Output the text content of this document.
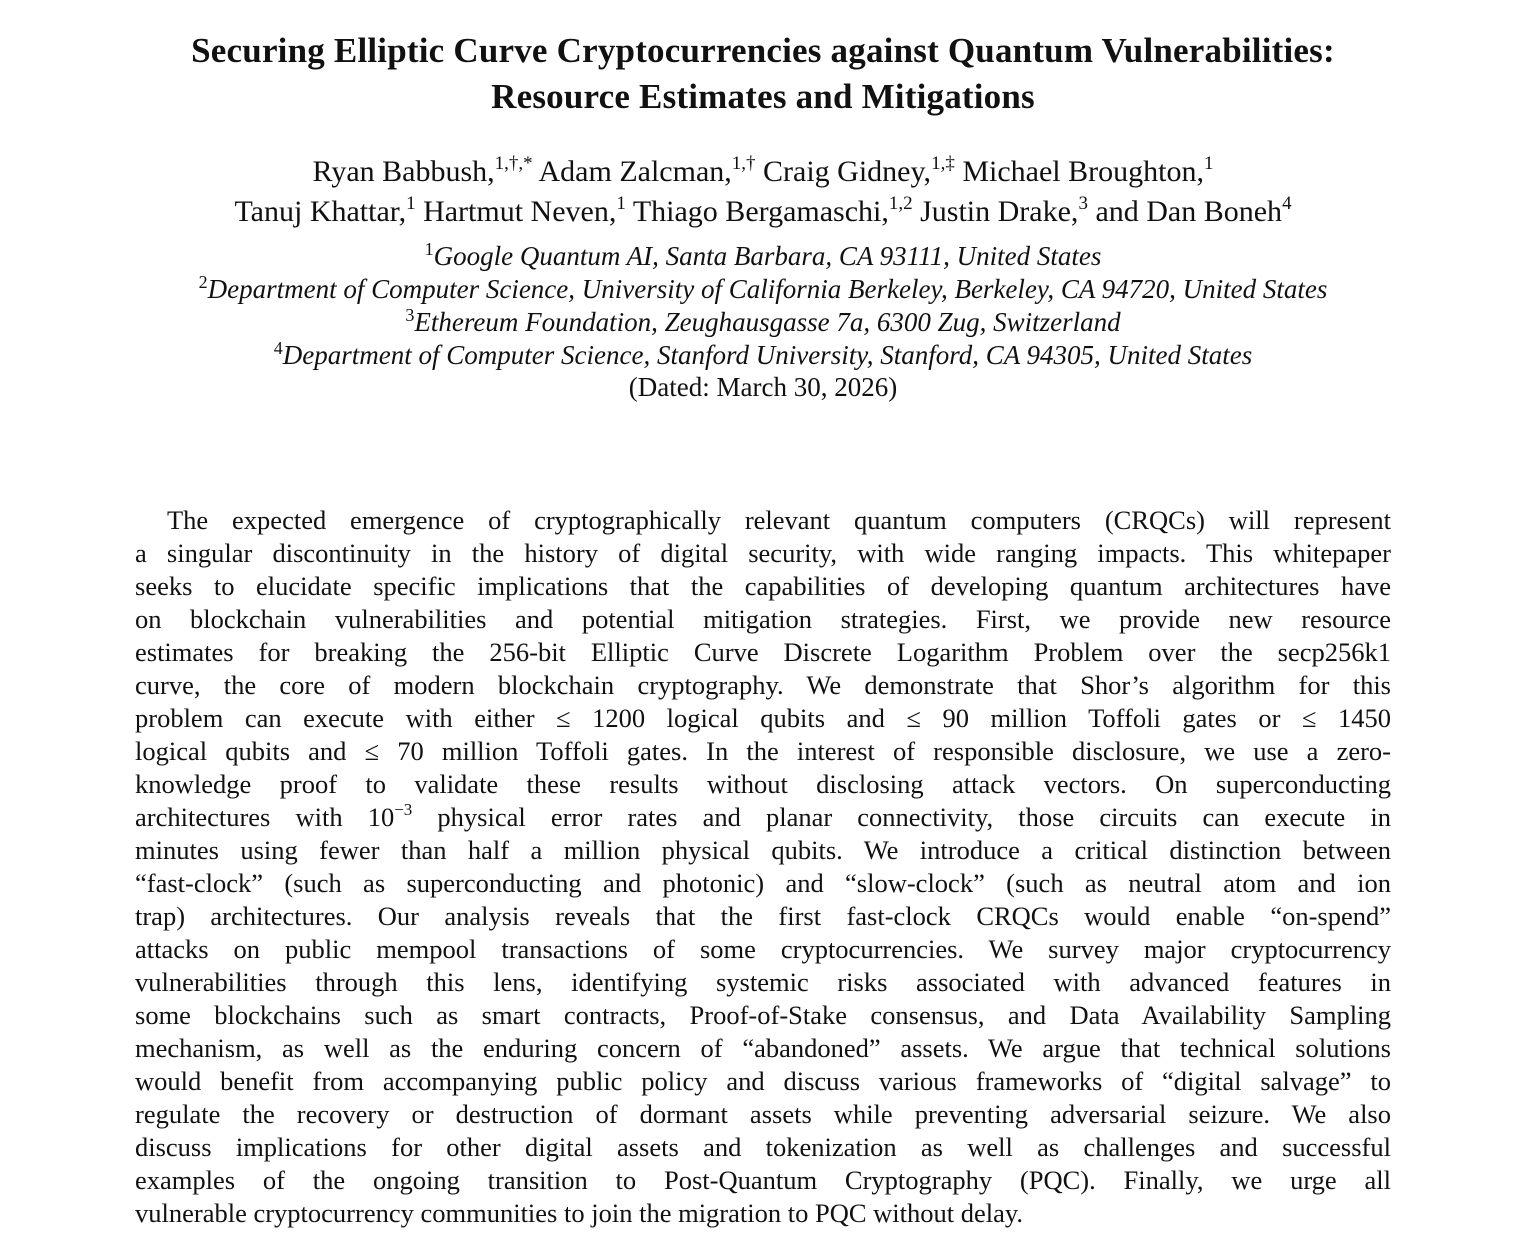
Securing Elliptic Curve Cryptocurrencies against Quantum Vulnerabilities:
Resource Estimates and Mitigations
Ryan Babbush,$^{1,\dagger,*}$ Adam Zalcman,$^{1,\dagger}$ Craig Gidney,$^{1,\ddagger}$ Michael Broughton,$^1$
Tanuj Khattar,$^1$ Hartmut Neven,$^1$ Thiago Bergamaschi,$^{1,2}$ Justin Drake,$^3$ and Dan Boneh$^4$
$^1$Google Quantum AI, Santa Barbara, CA 93111, United States
$^2$Department of Computer Science, University of California Berkeley, Berkeley, CA 94720, United States
$^3$Ethereum Foundation, Zeughausgasse 7a, 6300 Zug, Switzerland
$^4$Department of Computer Science, Stanford University, Stanford, CA 94305, United States
(Dated: March 30, 2026)
The expected emergence of cryptographically relevant quantum computers (CRQCs) will represent
a singular discontinuity in the history of digital security, with wide ranging impacts. This whitepaper
seeks to elucidate specific implications that the capabilities of developing quantum architectures have
on blockchain vulnerabilities and potential mitigation strategies. First, we provide new resource
estimates for breaking the 256-bit Elliptic Curve Discrete Logarithm Problem over the secp256k1
curve, the core of modern blockchain cryptography. We demonstrate that Shor’s algorithm for this
problem can execute with either ≤ 1200 logical qubits and ≤ 90 million Toffoli gates or ≤ 1450
logical qubits and ≤ 70 million Toffoli gates. In the interest of responsible disclosure, we use a zero-
knowledge proof to validate these results without disclosing attack vectors. On superconducting
architectures with $10^{-3}$ physical error rates and planar connectivity, those circuits can execute in
minutes using fewer than half a million physical qubits. We introduce a critical distinction between
“fast-clock” (such as superconducting and photonic) and “slow-clock” (such as neutral atom and ion
trap) architectures. Our analysis reveals that the first fast-clock CRQCs would enable “on-spend”
attacks on public mempool transactions of some cryptocurrencies. We survey major cryptocurrency
vulnerabilities through this lens, identifying systemic risks associated with advanced features in
some blockchains such as smart contracts, Proof-of-Stake consensus, and Data Availability Sampling
mechanism, as well as the enduring concern of “abandoned” assets. We argue that technical solutions
would benefit from accompanying public policy and discuss various frameworks of “digital salvage” to
regulate the recovery or destruction of dormant assets while preventing adversarial seizure. We also
discuss implications for other digital assets and tokenization as well as challenges and successful
examples of the ongoing transition to Post-Quantum Cryptography (PQC). Finally, we urge all
vulnerable cryptocurrency communities to join the migration to PQC without delay.
